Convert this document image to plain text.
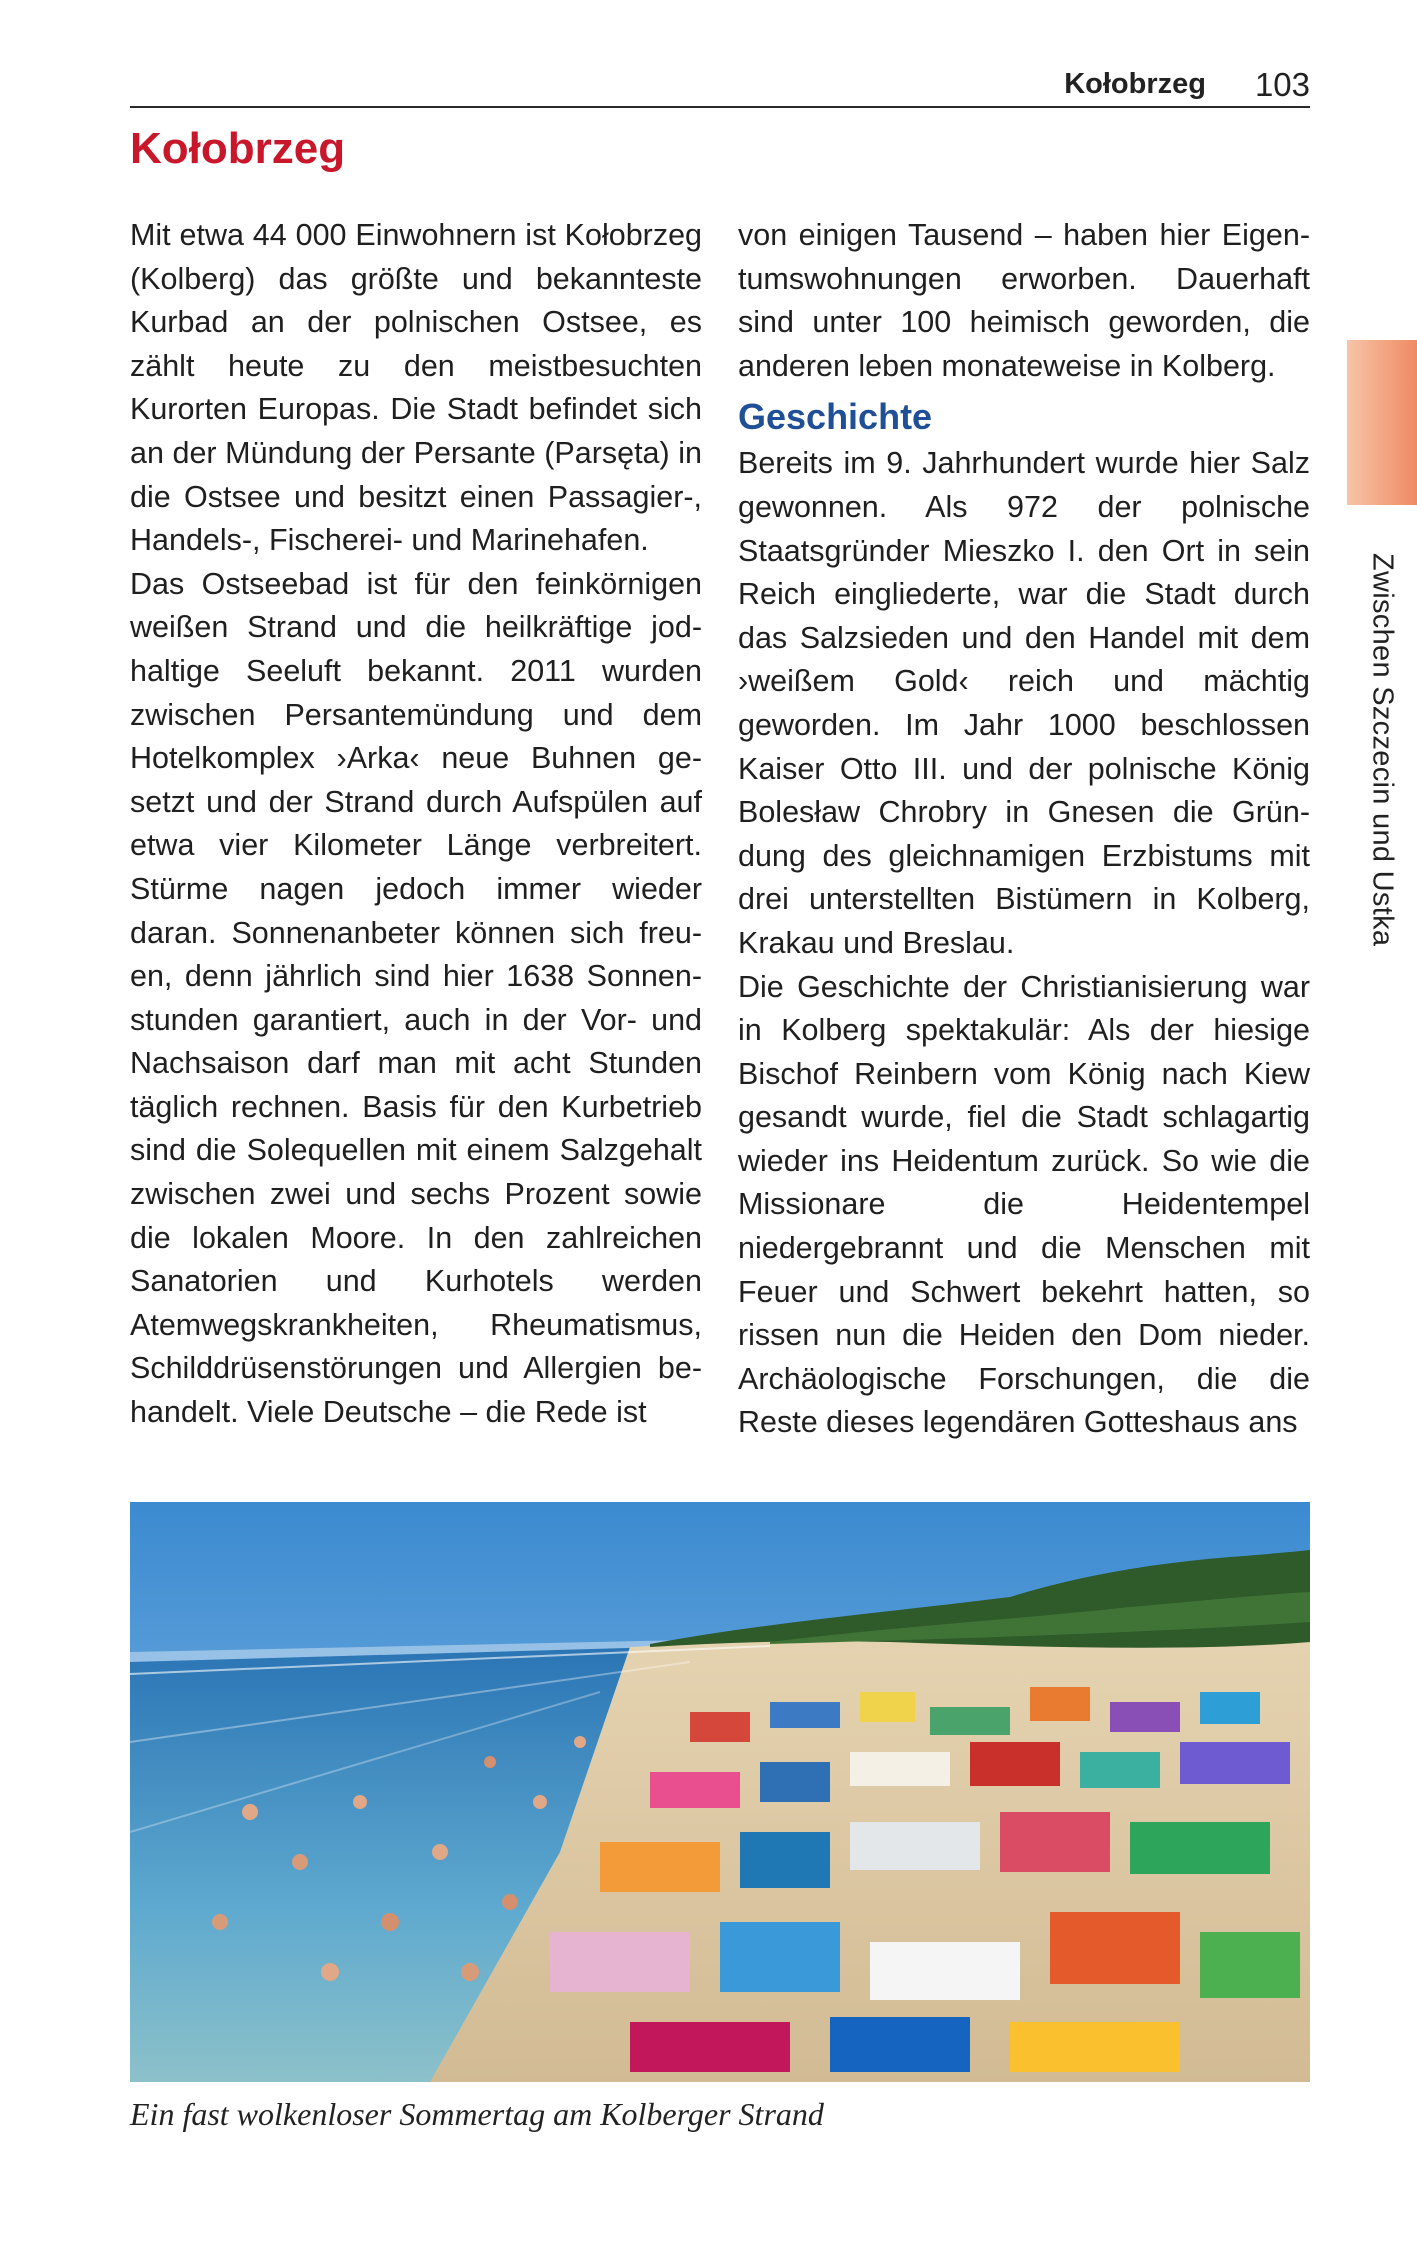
Kołobrzeg 103
Zwischen Szczecin und Ustka
Kołobrzeg

Mit etwa 44 000 Einwohnern ist Kołobrzeg (Kolberg) das größte und bekannteste Kurbad an der polnischen Ostsee, es zählt heute zu den meistbesuchten Kurorten Europas. Die Stadt befindet sich an der Mündung der Persante (Parsęta) in die Ostsee und besitzt einen Passagier-, Handels-, Fischerei- und Marinehafen.

Das Ostseebad ist für den feinkörnigen weißen Strand und die heilkräftige jodhaltige Seeluft bekannt. 2011 wurden zwischen Persantemündung und dem Hotelkomplex ›Arka‹ neue Buhnen gesetzt und der Strand durch Aufspülen auf etwa vier Kilometer Länge verbreitert. Stürme nagen jedoch immer wieder daran. Sonnenanbeter können sich freuen, denn jährlich sind hier 1638 Sonnenstunden garantiert, auch in der Vor- und Nachsaison darf man mit acht Stunden täglich rechnen. Basis für den Kurbetrieb sind die Solequellen mit einem Salzgehalt zwischen zwei und sechs Prozent sowie die lokalen Moore. In den zahlreichen Sanatorien und Kurhotels werden Atemwegskrankheiten, Rheumatismus, Schilddrüsenstörungen und Allergien behandelt. Viele Deutsche – die Rede ist

von einigen Tausend – haben hier Eigentumswohnungen erworben. Dauerhaft sind unter 100 heimisch geworden, die anderen leben monateweise in Kolberg.

Geschichte

Bereits im 9. Jahrhundert wurde hier Salz gewonnen. Als 972 der polnische Staatsgründer Mieszko I. den Ort in sein Reich eingliederte, war die Stadt durch das Salzsieden und den Handel mit dem ›weißem Gold‹ reich und mächtig geworden. Im Jahr 1000 beschlossen Kaiser Otto III. und der polnische König Bolesław Chrobry in Gnesen die Gründung des gleichnamigen Erzbistums mit drei unterstellten Bistümern in Kolberg, Krakau und Breslau.

Die Geschichte der Christianisierung war in Kolberg spektakulär: Als der hiesige Bischof Reinbern vom König nach Kiew gesandt wurde, fiel die Stadt schlagartig wieder ins Heidentum zurück. So wie die Missionare die Heidentempel niedergebrannt und die Menschen mit Feuer und Schwert bekehrt hatten, so rissen nun die Heiden den Dom nieder. Archäologische Forschungen, die die Reste dieses legendären Gotteshaus ans

Ein fast wolkenloser Sommertag am Kolberger Strand
